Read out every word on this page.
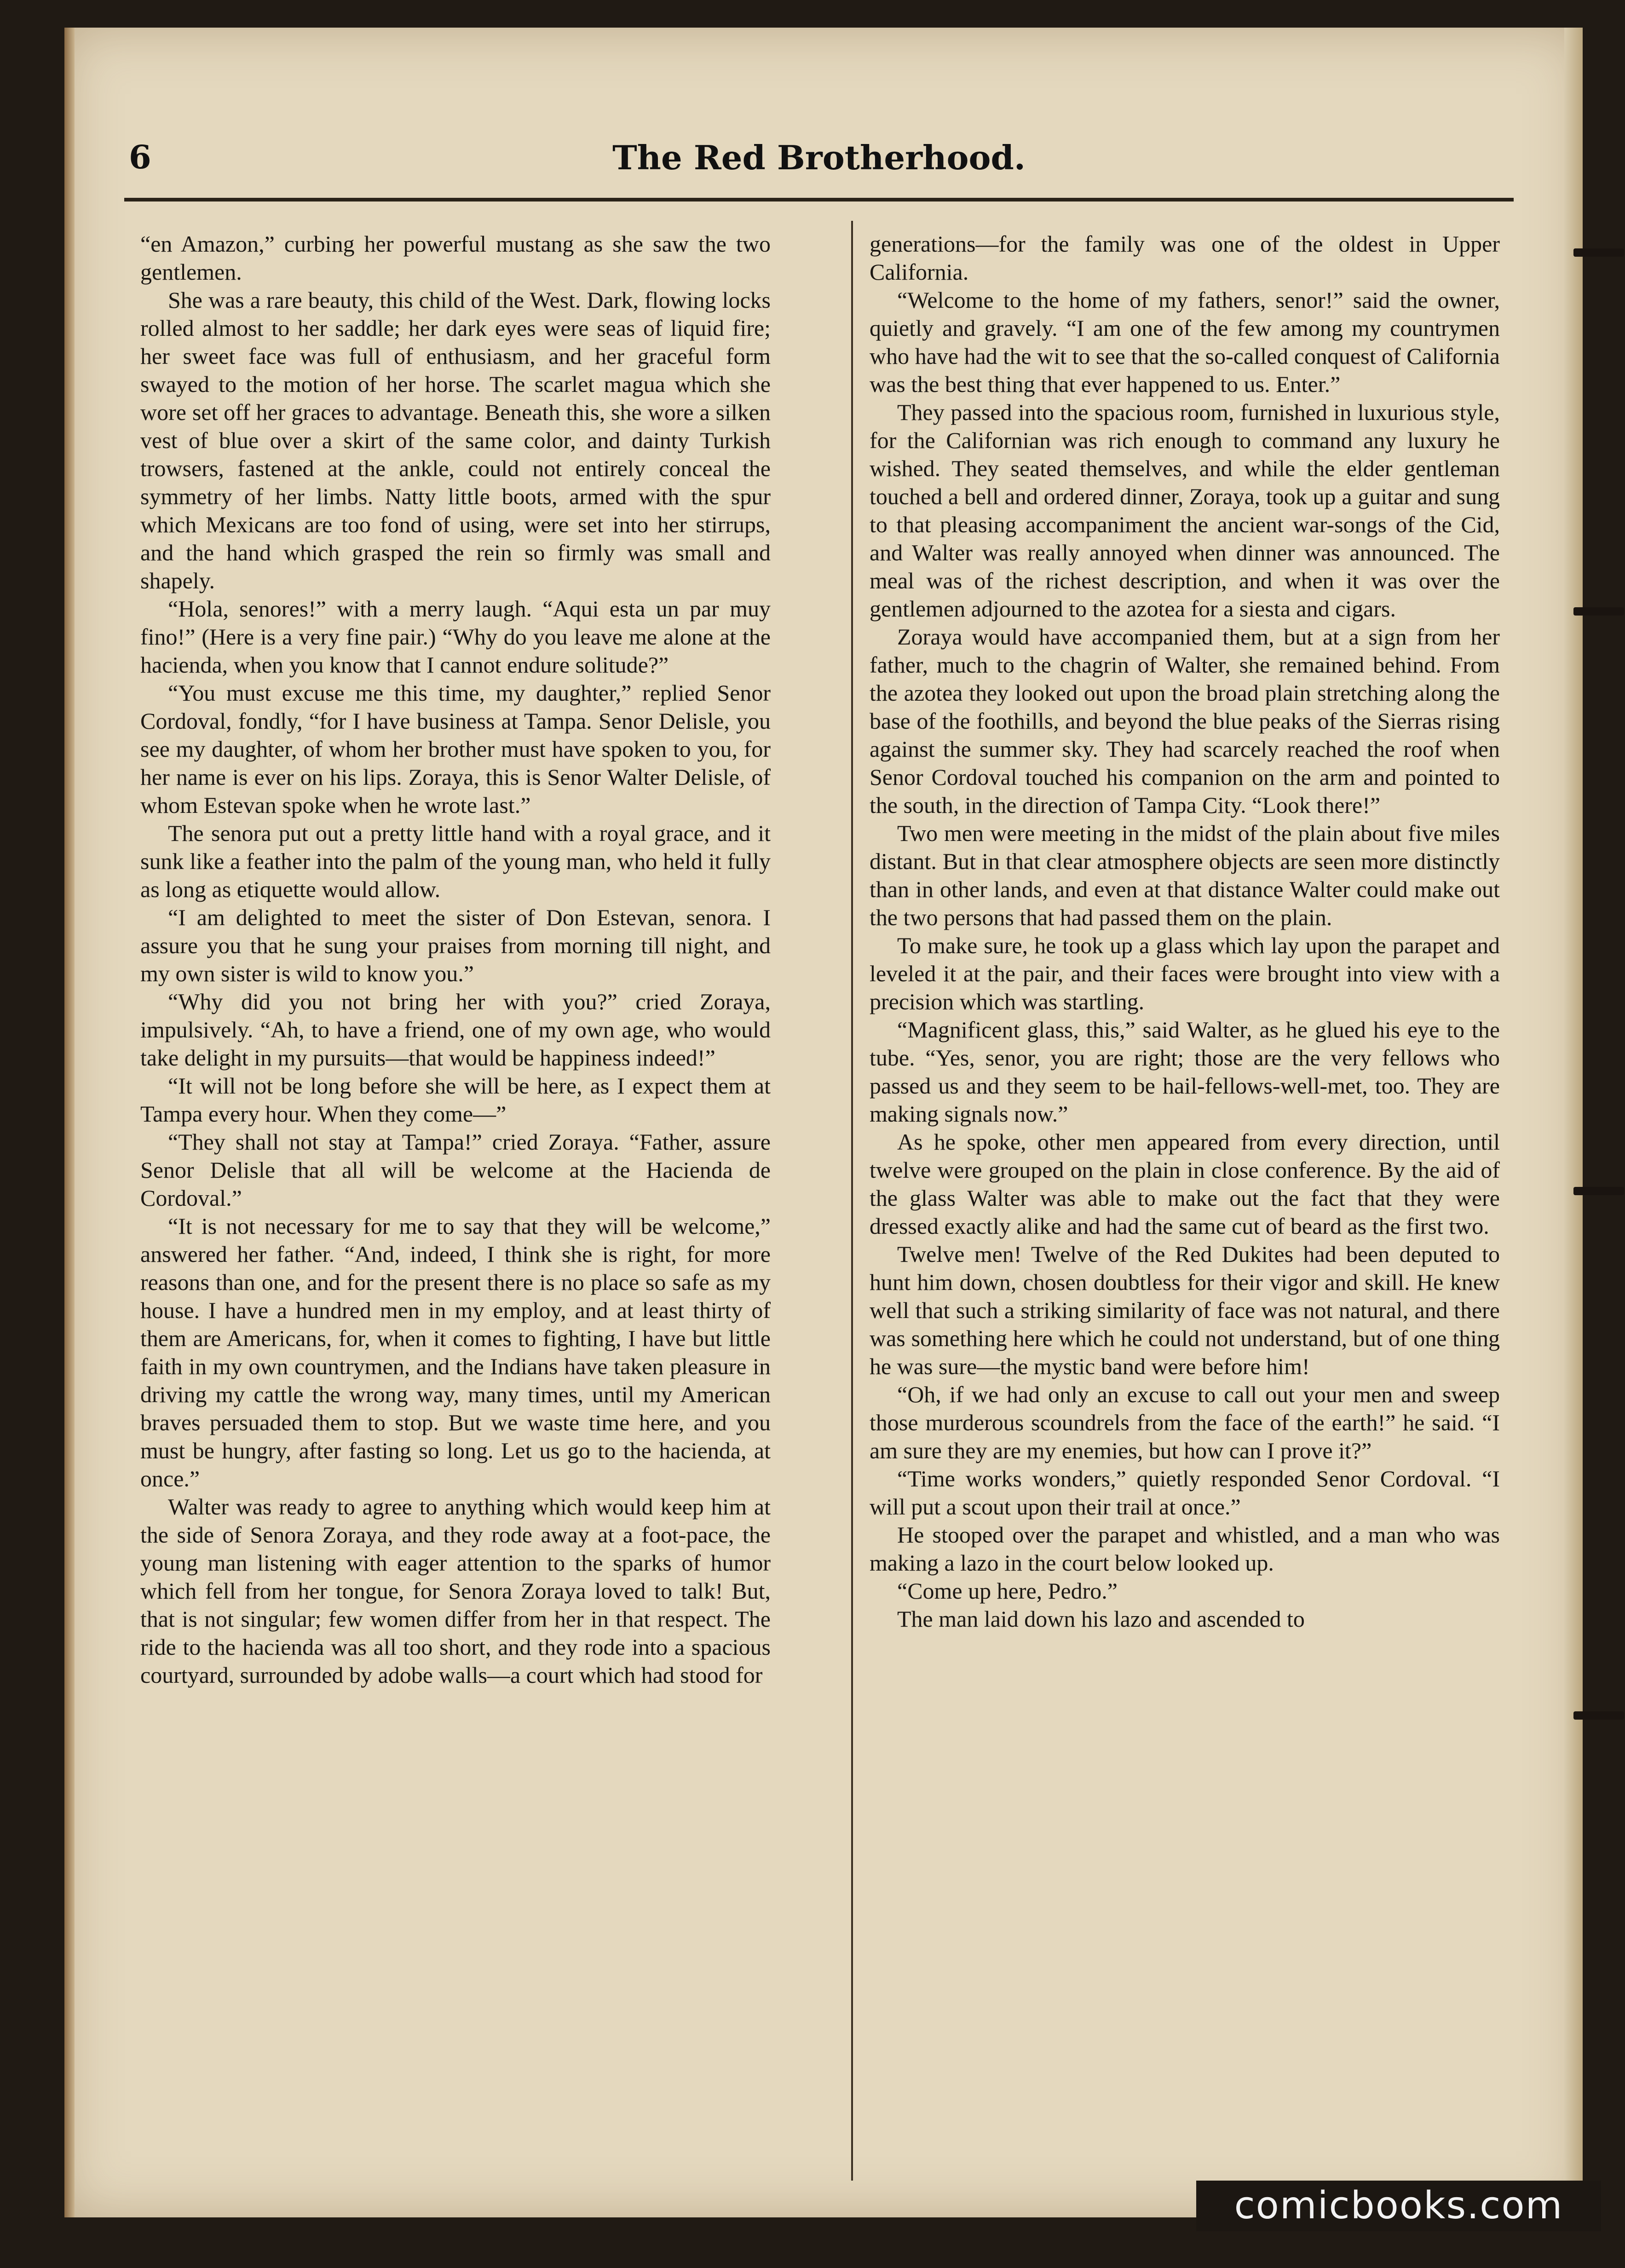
6	The Red Brotherhood.

“en Amazon,” curbing her powerful mustang as she saw the two gentlemen.

She was a rare beauty, this child of the West. Dark, flowing locks rolled almost to her saddle; her dark eyes were seas of liquid fire; her sweet face was full of enthusiasm, and her graceful form swayed to the motion of her horse. The scarlet magua which she wore set off her graces to advantage. Beneath this, she wore a silken vest of blue over a skirt of the same color, and dainty Turkish trowsers, fastened at the ankle, could not entirely conceal the symmetry of her limbs. Natty little boots, armed with the spur which Mexicans are too fond of using, were set into her stirrups, and the hand which grasped the rein so firmly was small and shapely.

“Hola, senores!” with a merry laugh. “Aqui esta un par muy fino!” (Here is a very fine pair.) “Why do you leave me alone at the hacienda, when you know that I cannot endure solitude?”

“You must excuse me this time, my daughter,” replied Senor Cordoval, fondly, “for I have business at Tampa. Senor Delisle, you see my daughter, of whom her brother must have spoken to you, for her name is ever on his lips. Zoraya, this is Senor Walter Delisle, of whom Estevan spoke when he wrote last.”

The senora put out a pretty little hand with a royal grace, and it sunk like a feather into the palm of the young man, who held it fully as long as etiquette would allow.

“I am delighted to meet the sister of Don Estevan, senora. I assure you that he sung your praises from morning till night, and my own sister is wild to know you.”

“Why did you not bring her with you?” cried Zoraya, impulsively. “Ah, to have a friend, one of my own age, who would take delight in my pursuits—that would be happiness indeed!”

“It will not be long before she will be here, as I expect them at Tampa every hour. When they come—”

“They shall not stay at Tampa!” cried Zoraya. “Father, assure Senor Delisle that all will be welcome at the Hacienda de Cordoval.”

“It is not necessary for me to say that they will be welcome,” answered her father. “And, indeed, I think she is right, for more reasons than one, and for the present there is no place so safe as my house. I have a hundred men in my employ, and at least thirty of them are Americans, for, when it comes to fighting, I have but little faith in my own countrymen, and the Indians have taken pleasure in driving my cattle the wrong way, many times, until my American braves persuaded them to stop. But we waste time here, and you must be hungry, after fasting so long. Let us go to the hacienda, at once.”

Walter was ready to agree to anything which would keep him at the side of Senora Zoraya, and they rode away at a foot-pace, the young man listening with eager attention to the sparks of humor which fell from her tongue, for Senora Zoraya loved to talk! But, that is not singular; few women differ from her in that respect. The ride to the hacienda was all too short, and they rode into a spacious courtyard, surrounded by adobe walls—a court which had stood for

generations—for the family was one of the oldest in Upper California.

“Welcome to the home of my fathers, senor!” said the owner, quietly and gravely. “I am one of the few among my countrymen who have had the wit to see that the so-called conquest of California was the best thing that ever happened to us. Enter.”

They passed into the spacious room, furnished in luxurious style, for the Californian was rich enough to command any luxury he wished. They seated themselves, and while the elder gentleman touched a bell and ordered dinner, Zoraya, took up a guitar and sung to that pleasing accompaniment the ancient war-songs of the Cid, and Walter was really annoyed when dinner was announced. The meal was of the richest description, and when it was over the gentlemen adjourned to the azotea for a siesta and cigars.

Zoraya would have accompanied them, but at a sign from her father, much to the chagrin of Walter, she remained behind. From the azotea they looked out upon the broad plain stretching along the base of the foothills, and beyond the blue peaks of the Sierras rising against the summer sky. They had scarcely reached the roof when Senor Cordoval touched his companion on the arm and pointed to the south, in the direction of Tampa City. “Look there!”

Two men were meeting in the midst of the plain about five miles distant. But in that clear atmosphere objects are seen more distinctly than in other lands, and even at that distance Walter could make out the two persons that had passed them on the plain.

To make sure, he took up a glass which lay upon the parapet and leveled it at the pair, and their faces were brought into view with a precision which was startling.

“Magnificent glass, this,” said Walter, as he glued his eye to the tube. “Yes, senor, you are right; those are the very fellows who passed us and they seem to be hail-fellows-well-met, too. They are making signals now.”

As he spoke, other men appeared from every direction, until twelve were grouped on the plain in close conference. By the aid of the glass Walter was able to make out the fact that they were dressed exactly alike and had the same cut of beard as the first two.

Twelve men! Twelve of the Red Dukites had been deputed to hunt him down, chosen doubtless for their vigor and skill. He knew well that such a striking similarity of face was not natural, and there was something here which he could not understand, but of one thing he was sure—the mystic band were before him!

“Oh, if we had only an excuse to call out your men and sweep those murderous scoundrels from the face of the earth!” he said. “I am sure they are my enemies, but how can I prove it?”

“Time works wonders,” quietly responded Senor Cordoval. “I will put a scout upon their trail at once.”

He stooped over the parapet and whistled, and a man who was making a lazo in the court below looked up.

“Come up here, Pedro.”

The man laid down his lazo and ascended to

comicbooks.com
